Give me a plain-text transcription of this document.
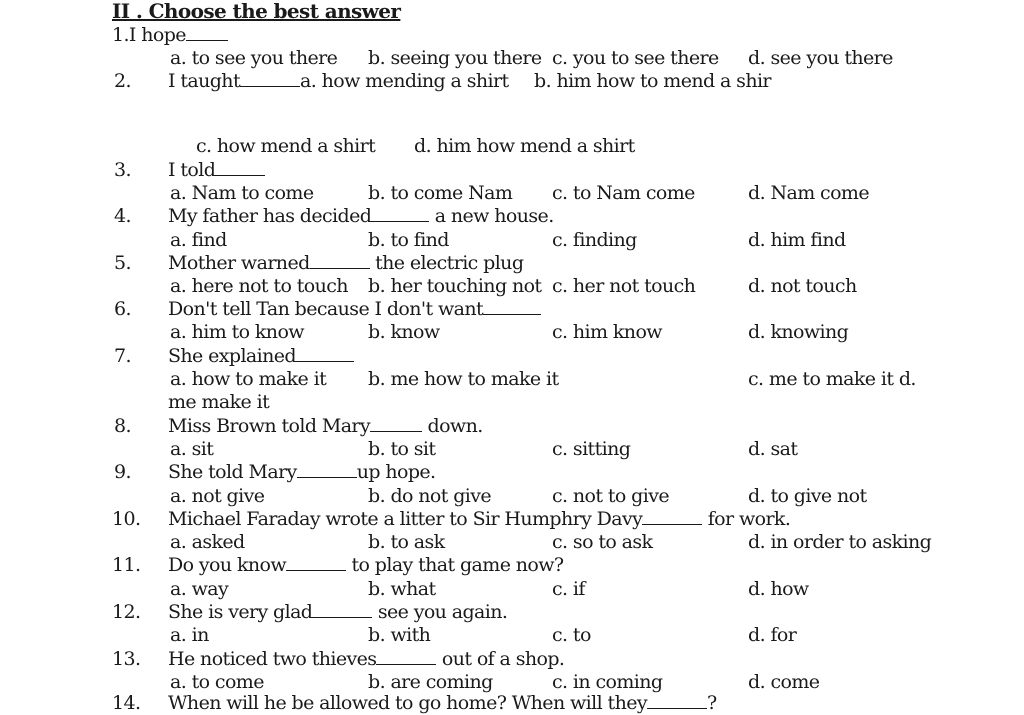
II . Choose the best answer
1.I hope
a. to see you there b. seeing you there c. you to see there d. see you there
2. I taught	a. how mending a shirt b. him how to mend a shir
c. how mend a shirt d. him how mend a shirt
3. I told
a. Nam to come	b. to come Nam c. to Nam come	d. Nam come
4. My father has decided	a new house.
a. find	b. to find	c. finding	d. him find
5. Mother warned	the electric plug
a. here not to touch b. her touching not c. her not touch	d. not touch
6. Don't tell Tan because I don't want
a. him to know	b. know	c. him know	d. knowing
7. She explained
a. how to make it b. me how to make it	c. me to make it d.
me make it
8. Miss Brown told Mary	down.
a. sit	b. to sit	c. sitting	d. sat
9. She told Mary	up hope.
a. not give	b. do not give	c. not to give	d. to give not
10. Michael Faraday wrote a litter to Sir Humphry Davy	for work.
a. asked	b. to ask	c. so to ask	d. in order to asking
11. Do you know	to play that game now?
a. way	b. what	c. if	d. how
12. She is very glad	see you again.
a. in	b. with	c. to	d. for
13. He noticed two thieves	out of a shop.
a. to come	b. are coming	c. in coming	d. come
14. When will he be allowed to go home? When will they	?
